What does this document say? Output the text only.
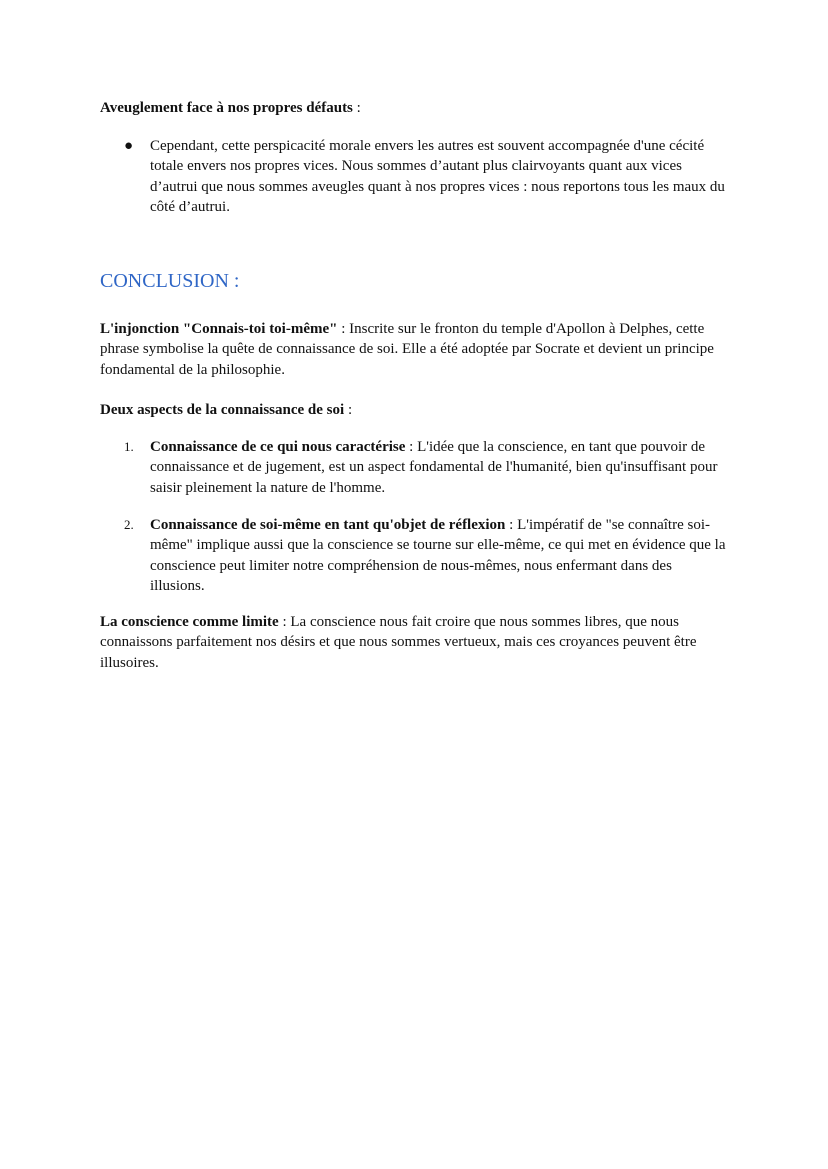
Aveuglement face à nos propres défauts :

● Cependant, cette perspicacité morale envers les autres est souvent accompagnée d'une cécité totale envers nos propres vices. Nous sommes d’autant plus clairvoyants quant aux vices d’autrui que nous sommes aveugles quant à nos propres vices : nous reportons tous les maux du côté d’autrui.
CONCLUSION :

L'injonction "Connais-toi toi-même" : Inscrite sur le fronton du temple d'Apollon à Delphes, cette phrase symbolise la quête de connaissance de soi. Elle a été adoptée par Socrate et devient un principe fondamental de la philosophie.

Deux aspects de la connaissance de soi :

1. Connaissance de ce qui nous caractérise : L'idée que la conscience, en tant que pouvoir de connaissance et de jugement, est un aspect fondamental de l'humanité, bien qu'insuffisant pour saisir pleinement la nature de l'homme.
2. Connaissance de soi-même en tant qu'objet de réflexion : L'impératif de "se connaître soi-même" implique aussi que la conscience se tourne sur elle-même, ce qui met en évidence que la conscience peut limiter notre compréhension de nous-mêmes, nous enfermant dans des illusions.

La conscience comme limite : La conscience nous fait croire que nous sommes libres, que nous connaissons parfaitement nos désirs et que nous sommes vertueux, mais ces croyances peuvent être illusoires.
